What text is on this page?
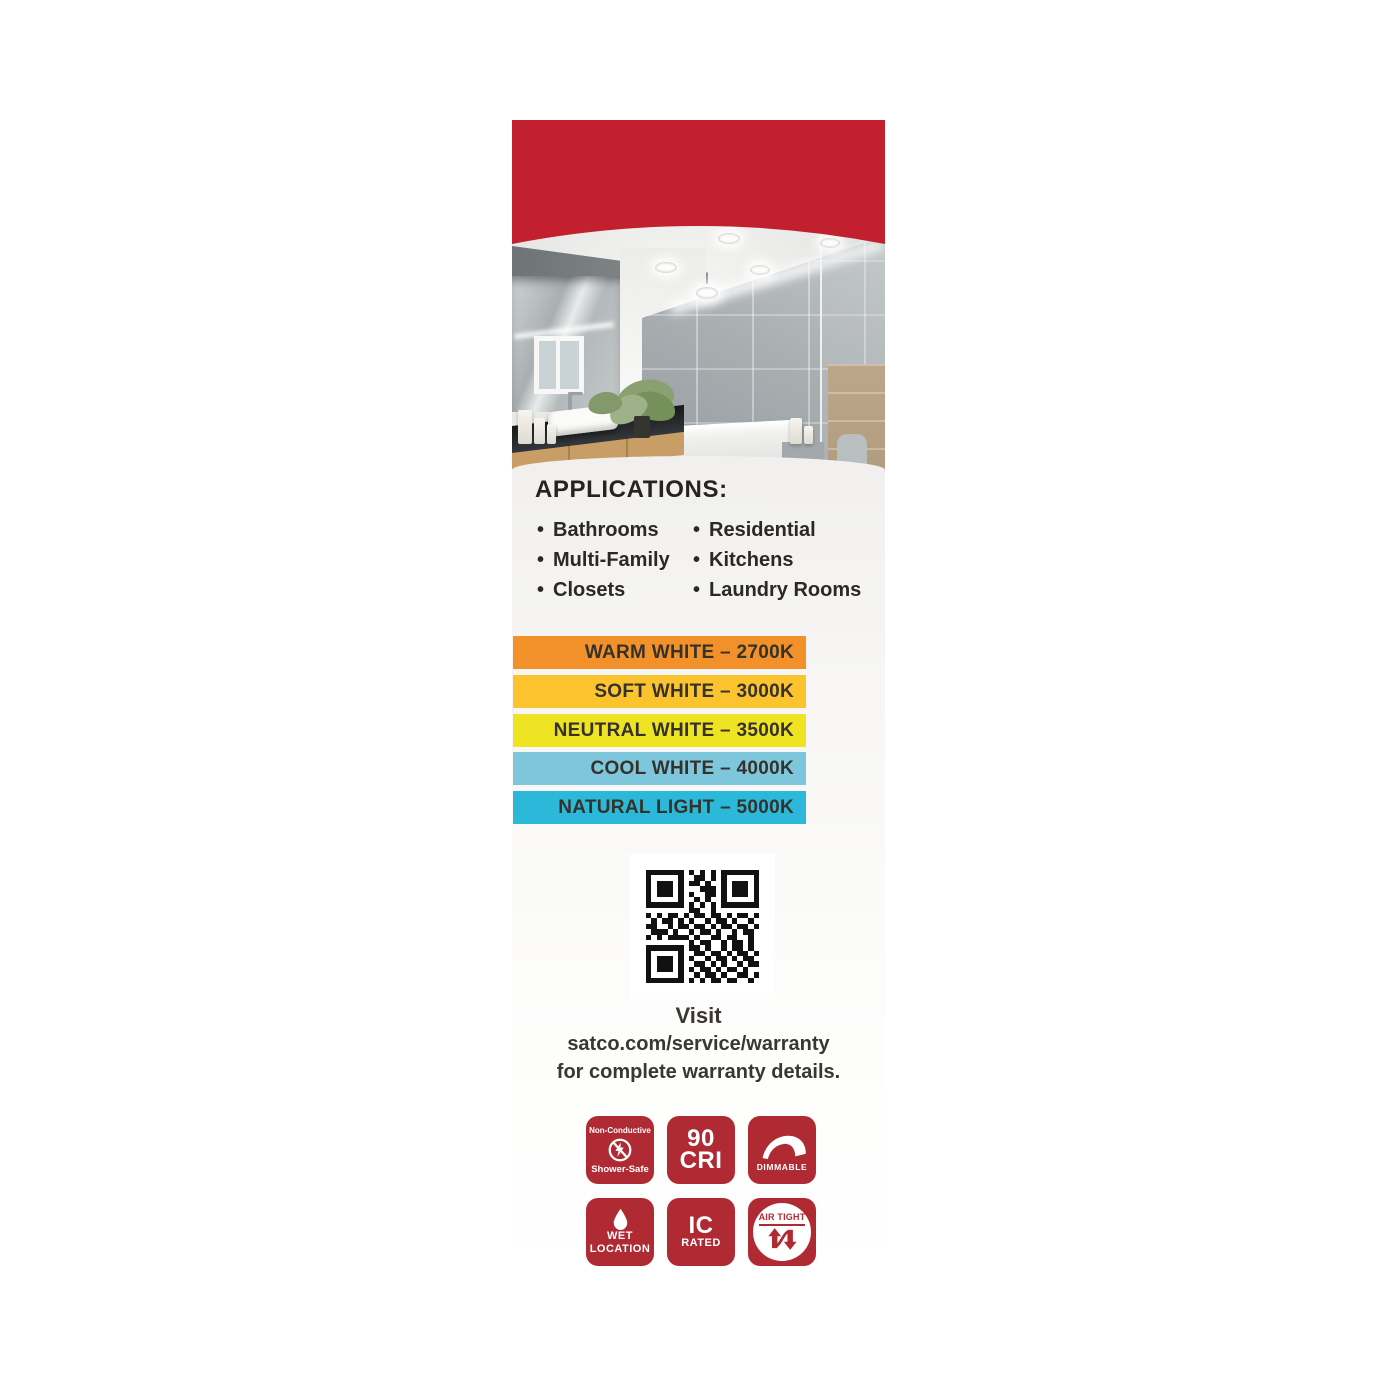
APPLICATIONS:
• Bathrooms
• Multi-Family
• Closets
• Residential
• Kitchens
• Laundry Rooms
WARM WHITE – 2700K
SOFT WHITE – 3000K
NEUTRAL WHITE – 3500K
COOL WHITE – 4000K
NATURAL LIGHT – 5000K
Visit
satco.com/service/warranty
for complete warranty details.
Non-Conductive
Shower-Safe
90
CRI	DIMMABLE
WET
LOCATION
IC
RATED
AIR TIGHT
